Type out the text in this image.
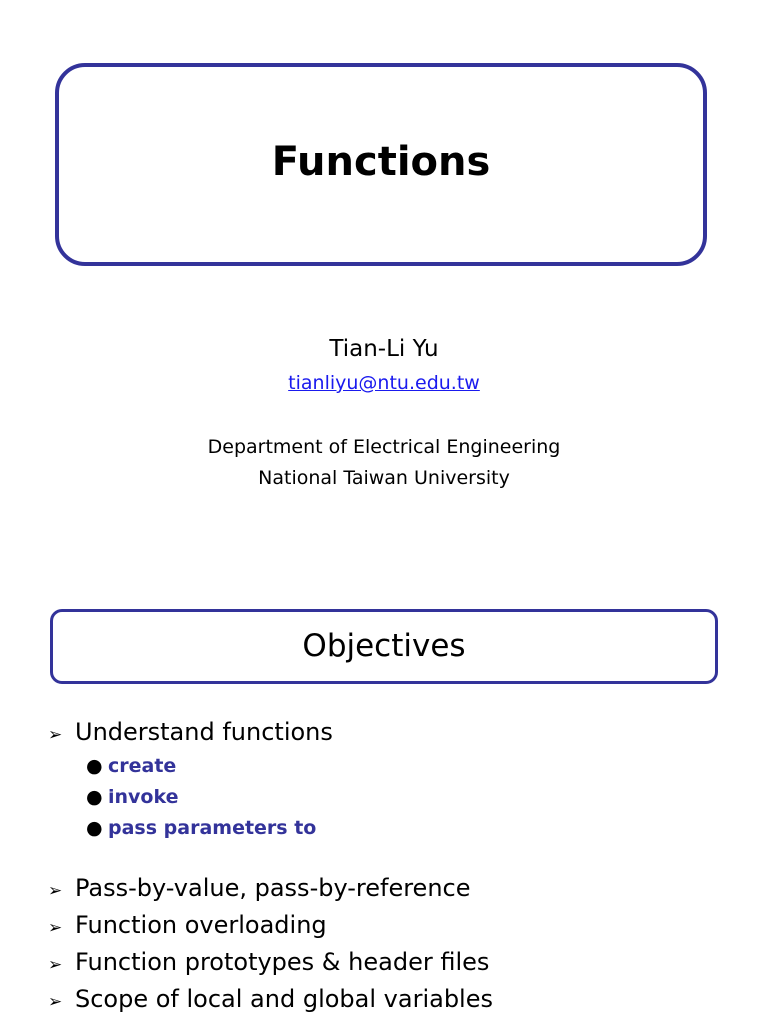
Functions
Tian-Li Yu
tianliyu@ntu.edu.tw
Department of Electrical Engineering
National Taiwan University
Objectives
➢ Understand functions
● create
● invoke
● pass parameters to
➢ Pass-by-value, pass-by-reference
➢ Function overloading
➢ Function prototypes & header files
➢ Scope of local and global variables
